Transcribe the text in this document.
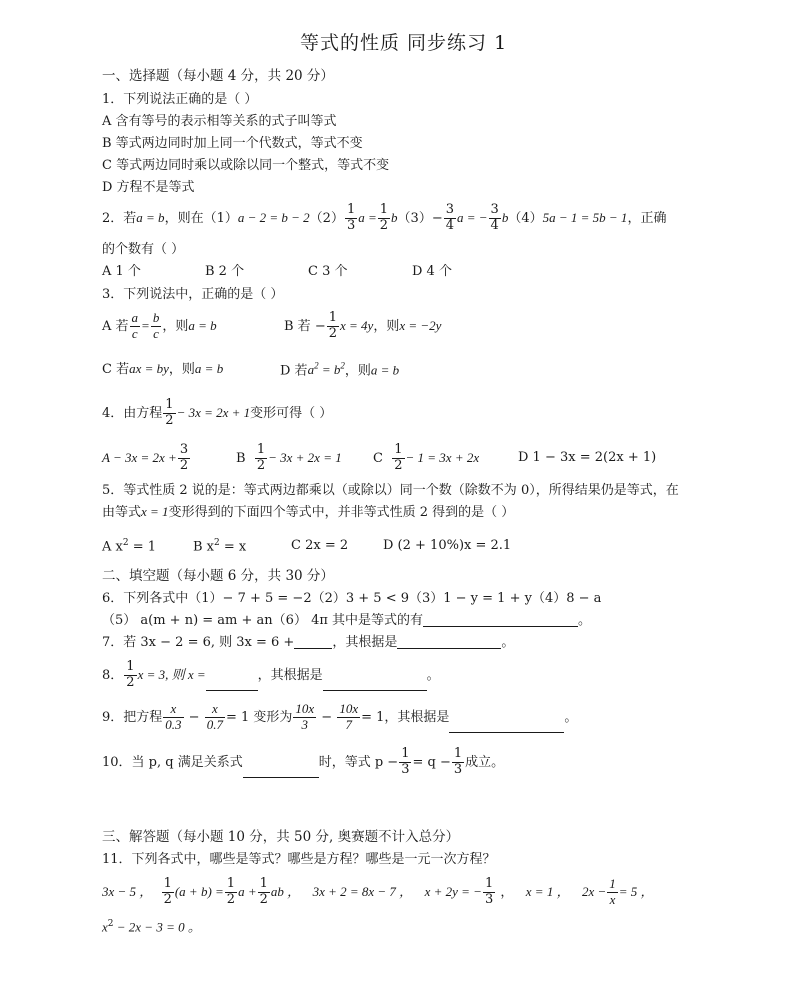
等式的性质 同步练习 1
一、选择题（每小题 4 分，共 20 分）
1．下列说法正确的是（ ）
A 含有等号的表示相等关系的式子叫等式
B 等式两边同时加上同一个代数式，等式不变
C 等式两边同时乘以或除以同一个整式，等式不变
D 方程不是等式
2．若a = b，则在$(1)a - 2 = b - 2(2) \frac{1}{3}$ $a = \frac{1}{2} b(3)- \frac{3}{4}$ a = − $\frac{3}{4} b(4)5a - 1 = 5b - 1$，正确
的个数有（ ）
A 1 个	B 2 个	C 3 个	D 4 个
3．下列说法中，正确的是（ ）
A 若 $\frac{a}{c} = \frac{b}{c}$ ，则a = b	B 若 − $\frac{1}{2}$ x = 4y，则x = −2y
C 若ax = by，则a = b	D 若$a^2 = b^2$，则a = b
4．由方程 $\frac{1}{2} - 3x = 2x + 1$变形可得（ ）
$A - 3x = 2x + \frac{3}{2}$	B $\frac{1}{2} - 3x + 2x = 1$ C $\frac{1}{2} - 1 = 3x + 2x$	D 1 − 3x = 2(2x + 1)
5．等式性质 2 说的是：等式两边都乘以（或除以）同一个数（除数不为 0），所得结果仍是等式，在
由等式x = 1变形得到的下面四个等式中，并非等式性质 2 得到的是（ ）
A $x^2 = 1$	B $x^2 = x$	C 2x = 2	D (2 + 10%)x = 2.1
二、填空题（每小题 6 分，共 30 分）
6．下列各式中（1）− 7 + 5 = −2（2）3 + 5 < 9（3）1 − y = 1 + y（4）8 − a
（5） a(m + n) = am + an（6） 4π 其中是等式的有	。
7．若 3x − 2 = 6, 则 3x = 6 +	，其根据是	。
8． $\frac{1}{2}$ x = 3, 则 x =	，其根据是	。
9．把方程 $\frac{x}{0.3} - \frac{x}{0.7} = 1$ 变形为 $\frac{10x}{3} - \frac{10x}{7} = 1$，其根据是	。
10．当 p, q 满足关系式	时，等式 $p - \frac{1}{3} = q - \frac{1}{3}$ 成立。
三、解答题（每小题 10 分，共 50 分, 奥赛题不计入总分）
11．下列各式中，哪些是等式？哪些是方程？哪些是一元一次方程？
3x − 5 ， $\frac{1}{2} (a + b) = \frac{1}{2}$ $a + \frac{1}{2}$ ab ， 3x + 2 = 8x − 7 ， x + 2y = − $\frac{1}{3}$ ， x = 1 ， $2x - \frac{1}{x} = 5$ ，
$x^2 - 2x - 3 = 0$ 。
